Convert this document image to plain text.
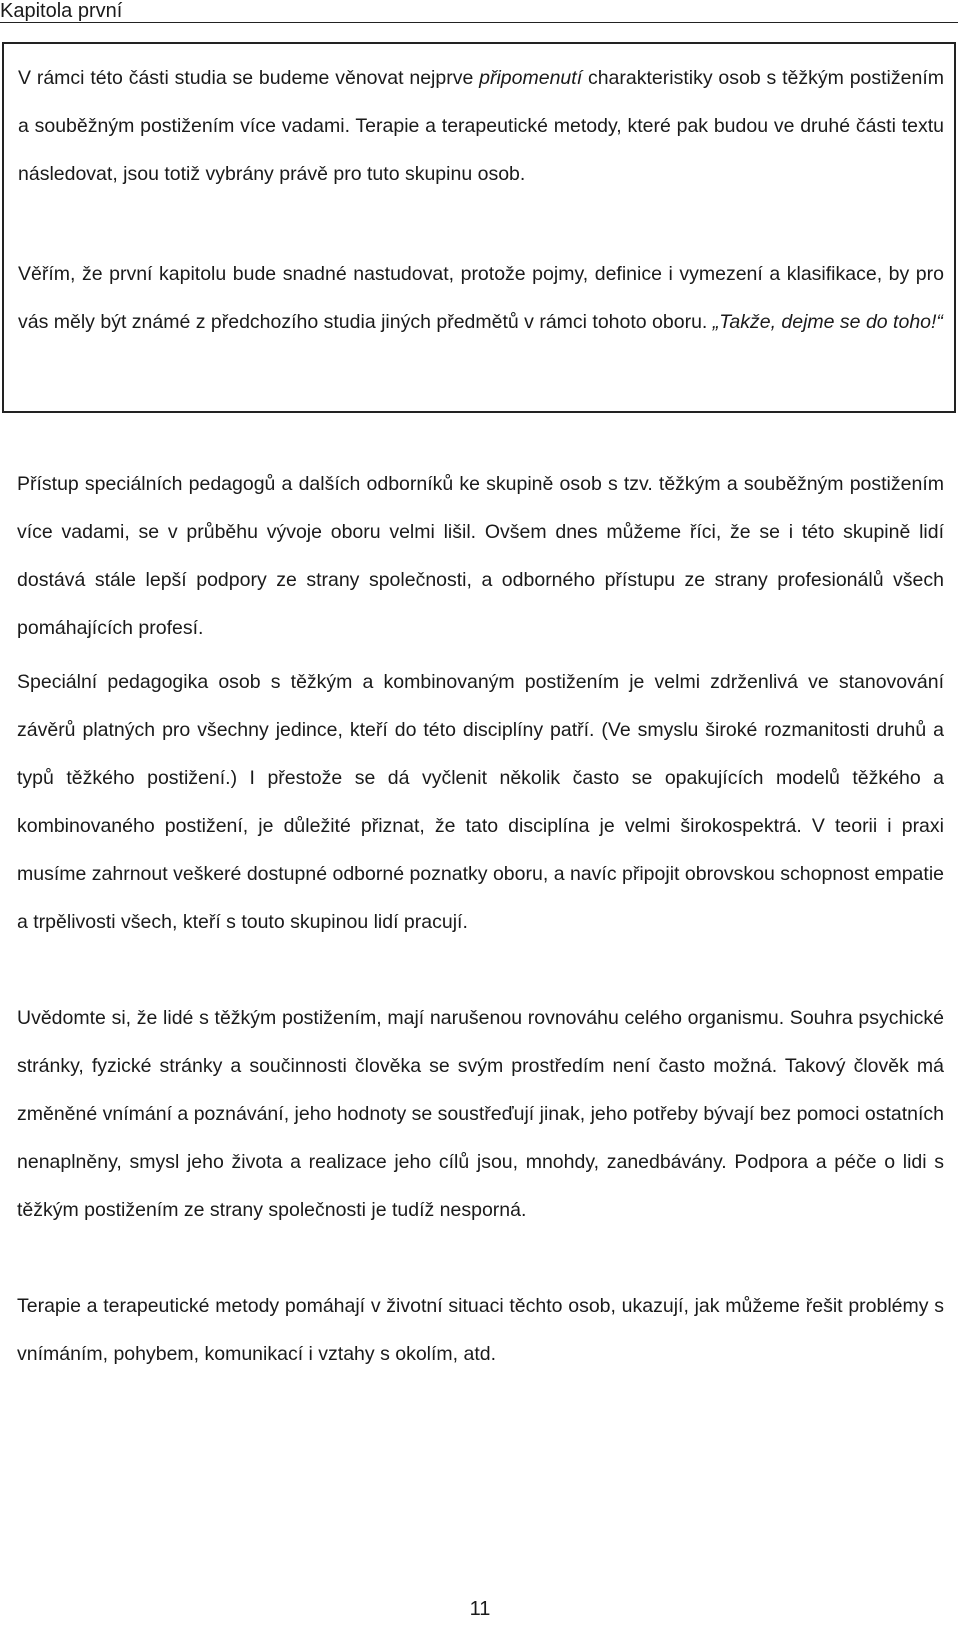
Kapitola první

V rámci této části studia se budeme věnovat nejprve připomenutí charakteristiky osob s těžkým postižením a souběžným postižením více vadami. Terapie a terapeutické metody, které pak budou ve druhé části textu následovat, jsou totiž vybrány právě pro tuto skupinu osob.

Věřím, že první kapitolu bude snadné nastudovat, protože pojmy, definice i vymezení a klasifikace, by pro vás měly být známé z předchozího studia jiných předmětů v rámci tohoto oboru. „Takže, dejme se do toho!“

Přístup speciálních pedagogů a dalších odborníků ke skupině osob s tzv. těžkým a souběžným postižením více vadami, se v průběhu vývoje oboru velmi lišil. Ovšem dnes můžeme říci, že se i této skupině lidí dostává stále lepší podpory ze strany společnosti, a odborného přístupu ze strany profesionálů všech pomáhajících profesí.

Speciální pedagogika osob s těžkým a kombinovaným postižením je velmi zdrženlivá ve stanovování závěrů platných pro všechny jedince, kteří do této disciplíny patří. (Ve smyslu široké rozmanitosti druhů a typů těžkého postižení.) I přestože se dá vyčlenit několik často se opakujících modelů těžkého a kombinovaného postižení, je důležité přiznat, že tato disciplína je velmi širokospektrá. V teorii i praxi musíme zahrnout veškeré dostupné odborné poznatky oboru, a navíc připojit obrovskou schopnost empatie a trpělivosti všech, kteří s touto skupinou lidí pracují.

Uvědomte si, že lidé s těžkým postižením, mají narušenou rovnováhu celého organismu. Souhra psychické stránky, fyzické stránky a součinnosti člověka se svým prostředím není často možná. Takový člověk má změněné vnímání a poznávání, jeho hodnoty se soustřeďují jinak, jeho potřeby bývají bez pomoci ostatních nenaplněny, smysl jeho života a realizace jeho cílů jsou, mnohdy, zanedbávány. Podpora a péče o lidi s těžkým postižením ze strany společnosti je tudíž nesporná.

Terapie a terapeutické metody pomáhají v životní situaci těchto osob, ukazují, jak můžeme řešit problémy s vnímáním, pohybem, komunikací i vztahy s okolím, atd.

11
